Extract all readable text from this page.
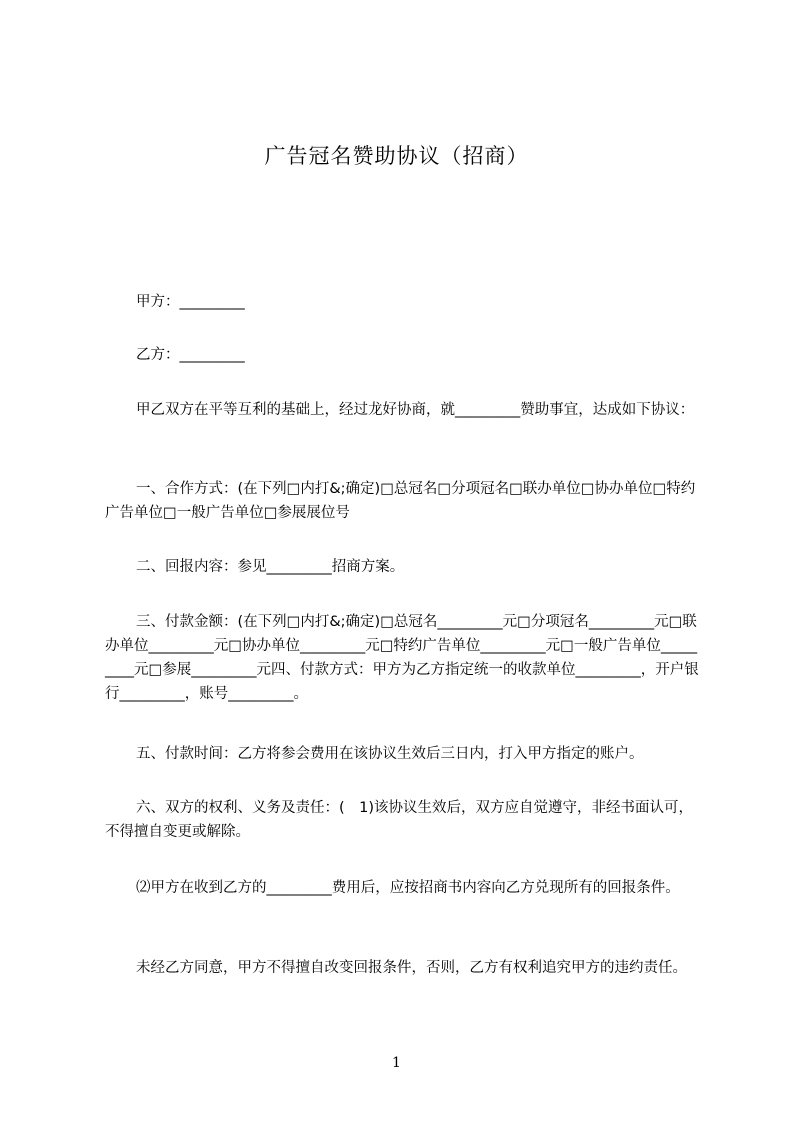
广告冠名赞助协议（招商）
甲方：_________
乙方：_________
甲乙双方在平等互利的基础上，经过龙好协商，就_________赞助事宜，达成如下协议：
一、合作方式：(在下列□内打&;确定)□总冠名□分项冠名□联办单位□协办单位□特约广告单位□一般广告单位□参展展位号
二、回报内容：参见_________招商方案。
三、付款金额：(在下列□内打&;确定)□总冠名_________元□分项冠名_________元□联办单位_________元□协办单位_________元□特约广告单位_________元□一般广告单位_________元□参展_________元四、付款方式：甲方为乙方指定统一的收款单位_________，开户银行_________，账号_________。
五、付款时间：乙方将参会费用在该协议生效后三日内，打入甲方指定的账户。
六、双方的权利、义务及责任：(　1)该协议生效后，双方应自觉遵守，非经书面认可，不得擅自变更或解除。
⑵甲方在收到乙方的_________费用后，应按招商书内容向乙方兑现所有的回报条件。
未经乙方同意，甲方不得擅自改变回报条件，否则，乙方有权利追究甲方的违约责任。
1
